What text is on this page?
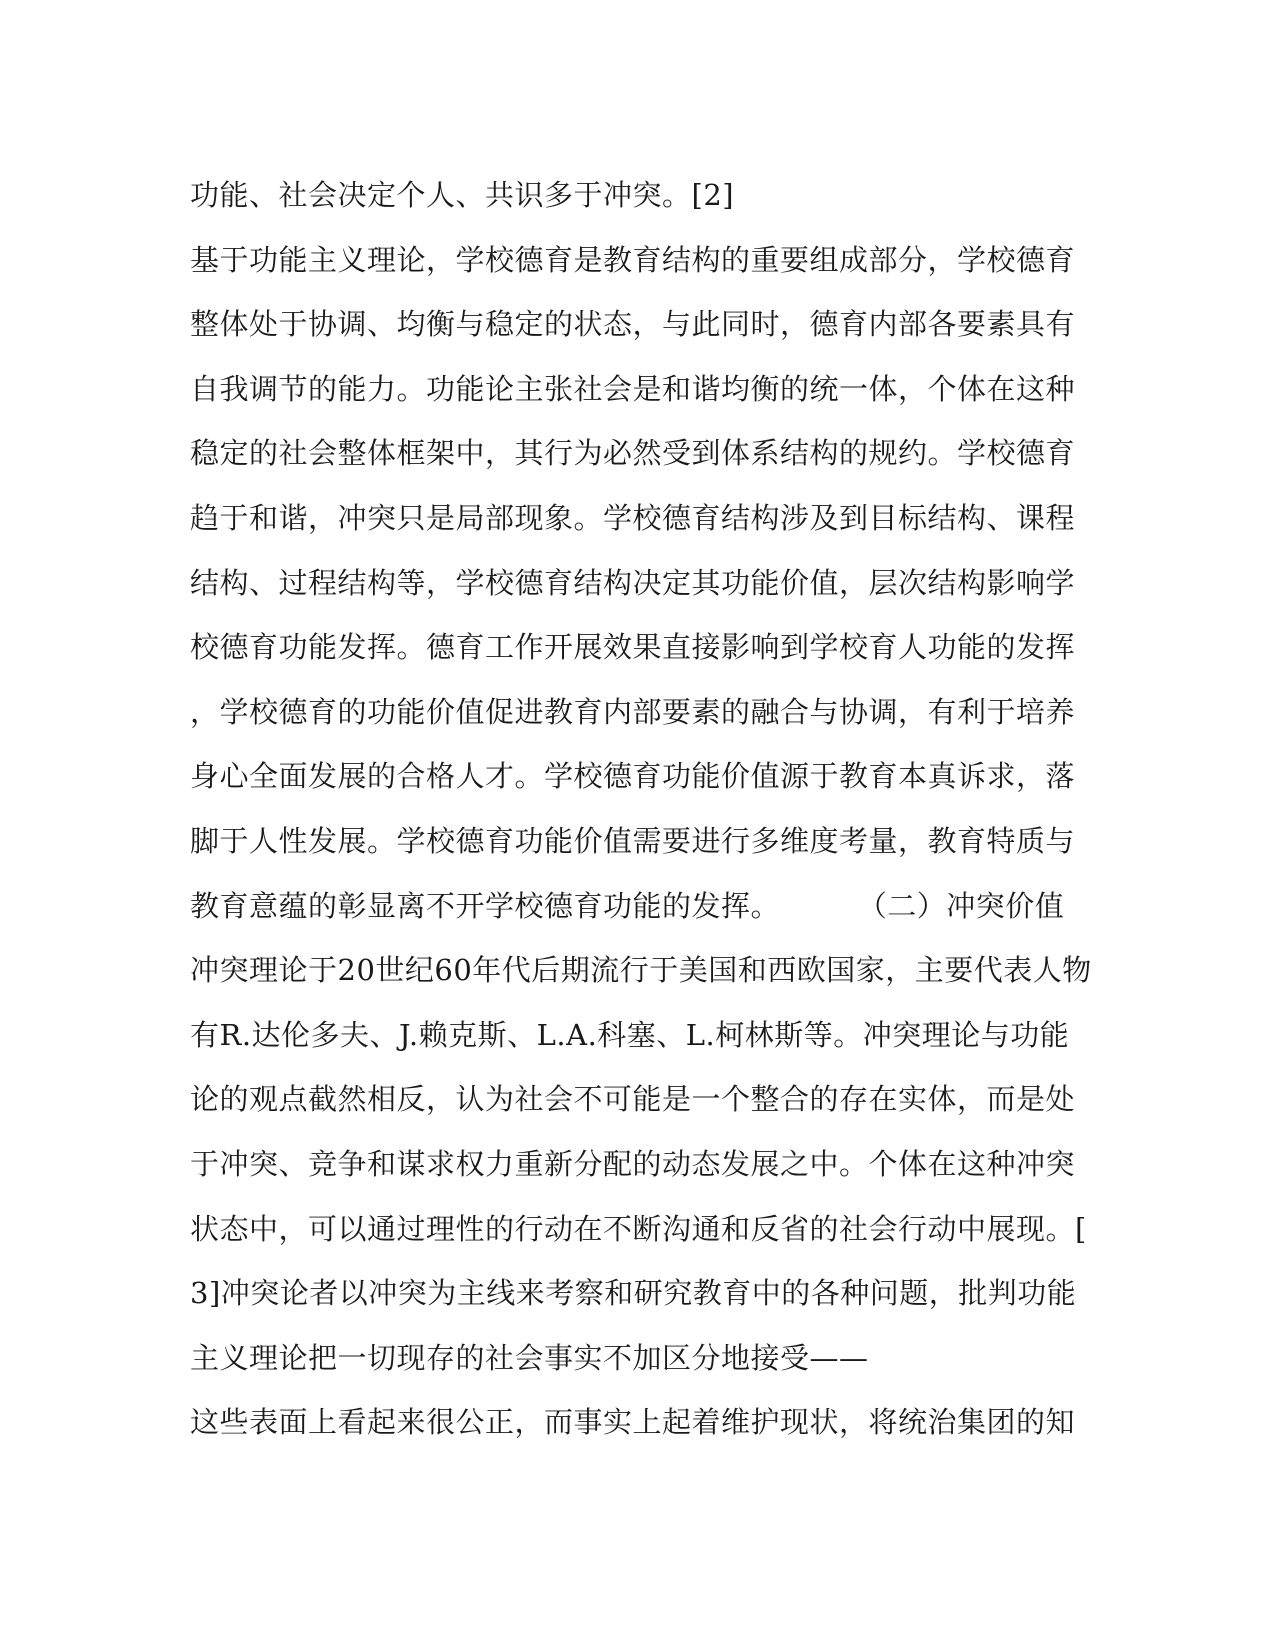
功能、社会决定个人、共识多于冲突。[2]
基于功能主义理论，学校德育是教育结构的重要组成部分，学校德育
整体处于协调、均衡与稳定的状态，与此同时，德育内部各要素具有
自我调节的能力。功能论主张社会是和谐均衡的统一体，个体在这种
稳定的社会整体框架中，其行为必然受到体系结构的规约。学校德育
趋于和谐，冲突只是局部现象。学校德育结构涉及到目标结构、课程
结构、过程结构等，学校德育结构决定其功能价值，层次结构影响学
校德育功能发挥。德育工作开展效果直接影响到学校育人功能的发挥
，学校德育的功能价值促进教育内部要素的融合与协调，有利于培养
身心全面发展的合格人才。学校德育功能价值源于教育本真诉求，落
脚于人性发展。学校德育功能价值需要进行多维度考量，教育特质与
教育意蕴的彰显离不开学校德育功能的发挥。        （二）冲突价值
冲突理论于20世纪60年代后期流行于美国和西欧国家，主要代表人物
有R.达伦多夫、J.赖克斯、L.A.科塞、L.柯林斯等。冲突理论与功能
论的观点截然相反，认为社会不可能是一个整合的存在实体，而是处
于冲突、竞争和谋求权力重新分配的动态发展之中。个体在这种冲突
状态中，可以通过理性的行动在不断沟通和反省的社会行动中展现。[
3]冲突论者以冲突为主线来考察和研究教育中的各种问题，批判功能
主义理论把一切现存的社会事实不加区分地接受——
这些表面上看起来很公正，而事实上起着维护现状，将统治集团的知
